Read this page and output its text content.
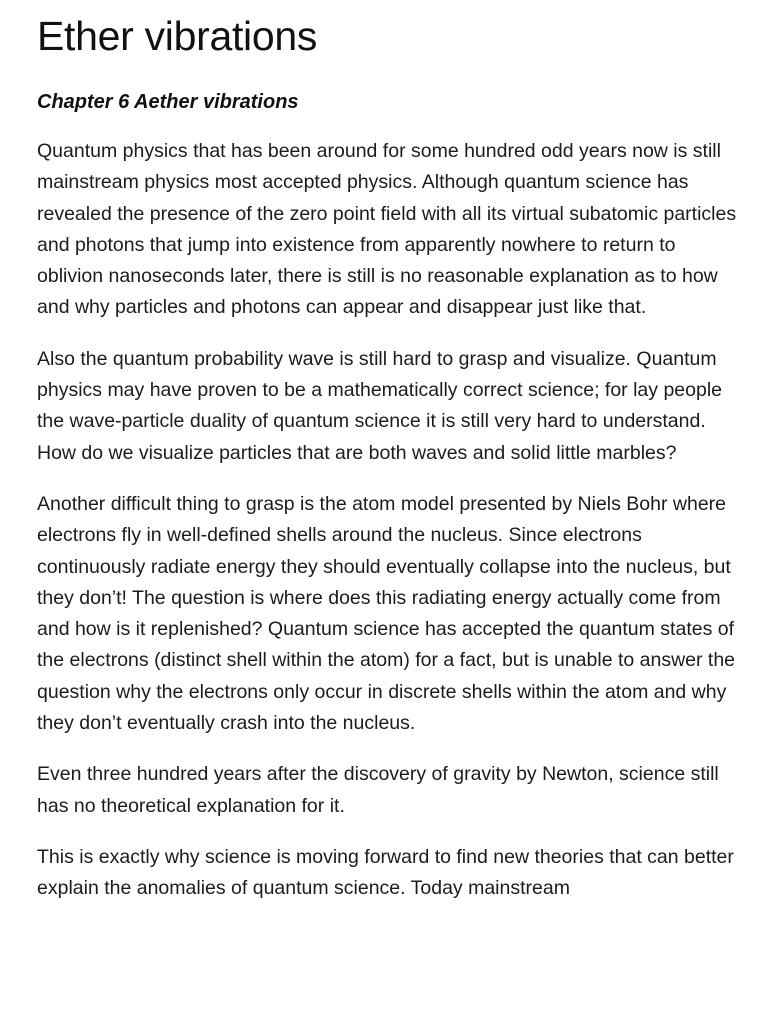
Ether vibrations
Chapter 6 Aether vibrations

Quantum physics that has been around for some hundred odd years now is still mainstream physics most accepted physics. Although quantum science has revealed the presence of the zero point field with all its virtual subatomic particles and photons that jump into existence from apparently nowhere to return to oblivion nanoseconds later, there is still is no reasonable explanation as to how and why particles and photons can appear and disappear just like that.

Also the quantum probability wave is still hard to grasp and visualize. Quantum physics may have proven to be a mathematically correct science; for lay people the wave-particle duality of quantum science it is still very hard to understand. How do we visualize particles that are both waves and solid little marbles?

Another difficult thing to grasp is the atom model presented by Niels Bohr where electrons fly in well-defined shells around the nucleus. Since electrons continuously radiate energy they should eventually collapse into the nucleus, but they don’t! The question is where does this radiating energy actually come from and how is it replenished? Quantum science has accepted the quantum states of the electrons (distinct shell within the atom) for a fact, but is unable to answer the question why the electrons only occur in discrete shells within the atom and why they don’t eventually crash into the nucleus.

Even three hundred years after the discovery of gravity by Newton, science still has no theoretical explanation for it.

This is exactly why science is moving forward to find new theories that can better explain the anomalies of quantum science. Today mainstream
